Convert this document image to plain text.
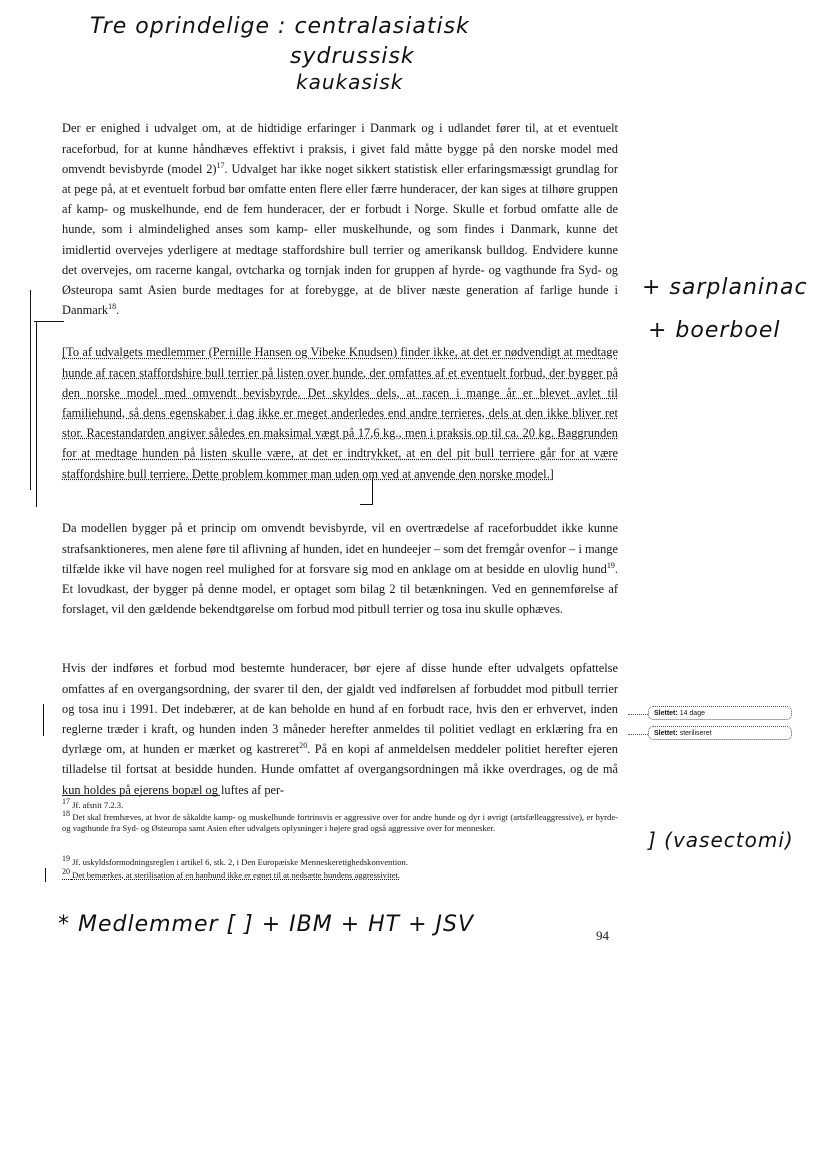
Tre oprindelige : centralasiatisk
sydrussisk
kaukasisk

Der er enighed i udvalget om, at de hidtidige erfaringer i Danmark og i udlandet fører til, at et eventuelt raceforbud, for at kunne håndhæves effektivt i praksis, i givet fald måtte bygge på den norske model med omvendt bevisbyrde (model 2)$^{17}$. Udvalget har ikke noget sikkert statistisk eller erfaringsmæssigt grundlag for at pege på, at et eventuelt forbud bør omfatte enten flere eller færre hunderacer, der kan siges at tilhøre gruppen af kamp- og muskelhunde, end de fem hunderacer, der er forbudt i Norge. Skulle et forbud omfatte alle de hunde, som i almindelighed anses som kamp- eller muskelhunde, og som findes i Danmark, kunne det imidlertid overvejes yderligere at medtage staffordshire bull terrier og amerikansk bulldog. Endvidere kunne det overvejes, om racerne kangal, ovtcharka og tornjak inden for gruppen af hyrde- og vagthunde fra Syd- og Østeuropa samt Asien burde medtages for at forebygge, at de bliver næste generation af farlige hunde i Danmark$^{18}$.

+ sarplaninac
+ boerboel

[To af udvalgets medlemmer (Pernille Hansen og Vibeke Knudsen) finder ikke, at det er nødvendigt at medtage hunde af racen staffordshire bull terrier på listen over hunde, der omfattes af et eventuelt forbud, der bygger på den norske model med omvendt bevisbyrde. Det skyldes dels, at racen i mange år er blevet avlet til familiehund, så dens egenskaber i dag ikke er meget anderledes end andre terrieres, dels at den ikke bliver ret stor. Racestandarden angiver således en maksimal vægt på 17,6 kg., men i praksis op til ca. 20 kg. Baggrunden for at medtage hunden på listen skulle være, at det er indtrykket, at en del pit bull terriere går for at være staffordshire bull terriere. Dette problem kommer man uden om ved at anvende den norske model.]

Da modellen bygger på et princip om omvendt bevisbyrde, vil en overtrædelse af raceforbuddet ikke kunne strafsanktioneres, men alene føre til aflivning af hunden, idet en hundeejer – som det fremgår ovenfor – i mange tilfælde ikke vil have nogen reel mulighed for at forsvare sig mod en anklage om at besidde en ulovlig hund$^{19}$. Et lovudkast, der bygger på denne model, er optaget som bilag 2 til betænkningen. Ved en gennemførelse af forslaget, vil den gældende bekendtgørelse om forbud mod pitbull terrier og tosa inu skulle ophæves.

Hvis der indføres et forbud mod bestemte hunderacer, bør ejere af disse hunde efter udvalgets opfattelse omfattes af en overgangsordning, der svarer til den, der gjaldt ved indførelsen af forbuddet mod pitbull terrier og tosa inu i 1991. Det indebærer, at de kan beholde en hund af en forbudt race, hvis den er erhvervet, inden reglerne træder i kraft, og hunden inden 3 måneder herefter anmeldes til politiet vedlagt en erklæring fra en dyrlæge om, at hunden er mærket og kastreret$^{20}$. På en kopi af anmeldelsen meddeler politiet herefter ejeren tilladelse til fortsat at besidde hunden. Hunde omfattet af overgangsordningen må ikke overdrages, og de må kun holdes på ejerens bopæl og luftes af per-

Slettet: 14 dage
Slettet: steriliseret
$^{17}$ Jf. afsnit 7.2.3.
$^{18}$ Det skal fremhæves, at hvor de såkaldte kamp- og muskelhunde fortrinsvis er aggressive over for andre hunde og dyr i øvrigt (artsfælleaggressive), er hyrde- og vagthunde fra Syd- og Østeuropa samt Asien efter udvalgets oplysninger i højere grad også aggressive over for mennesker.
$^{19}$ Jf. uskyldsformodningsreglen i artikel 6, stk. 2, i Den Europæiske Menneskeretighedskonvention.
$^{20}$ Det bemærkes, at sterilisation af en hanhund ikke er egnet til at nedsætte hundens aggressivitet.
] (vasectomi)
* Medlemmer [ ] + IBM + HT + JSV	94
